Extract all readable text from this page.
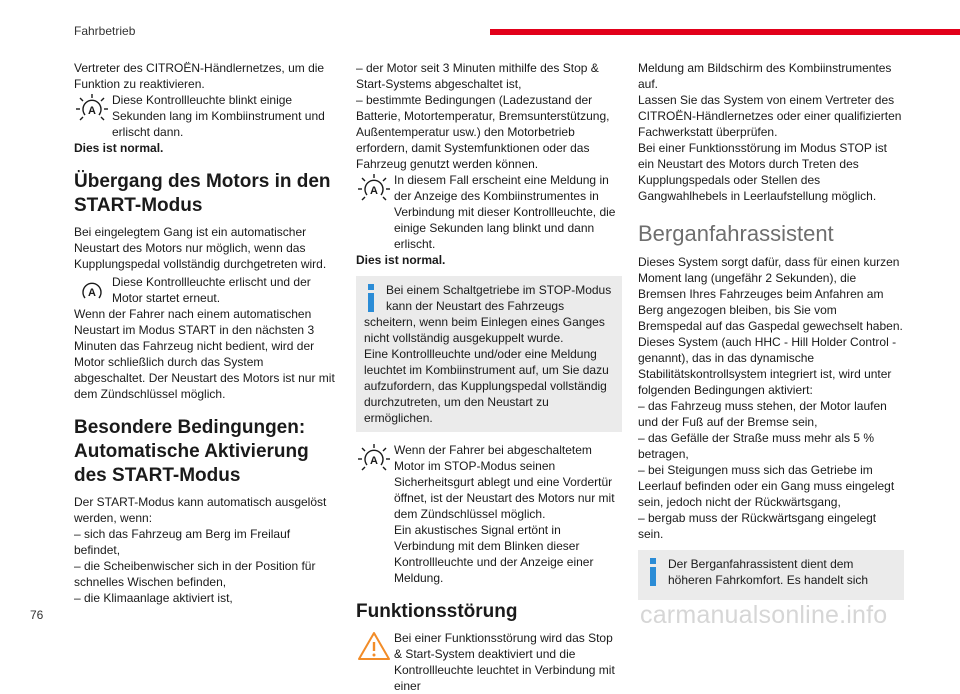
Fahrbetrieb

Vertreter des CITROËN-Händlernetzes, um die Funktion zu reaktivieren.

A
Diese Kontrollleuchte blinkt einige Sekunden lang im Kombiinstrument und erlischt dann.

Dies ist normal.

Übergang des Motors in den START-Modus

Bei eingelegtem Gang ist ein automatischer Neustart des Motors nur möglich, wenn das Kupplungspedal vollständig durchgetreten wird.

A
Diese Kontrollleuchte erlischt und der Motor startet erneut.

Wenn der Fahrer nach einem automatischen Neustart im Modus START in den nächsten 3 Minuten das Fahrzeug nicht bedient, wird der Motor schließlich durch das System abgeschaltet. Der Neustart des Motors ist nur mit dem Zündschlüssel möglich.

Besondere Bedingungen: Automatische Aktivierung des START-Modus

Der START-Modus kann automatisch ausgelöst werden, wenn:

– sich das Fahrzeug am Berg im Freilauf befindet,

– die Scheibenwischer sich in der Position für schnelles Wischen befinden,

– die Klimaanlage aktiviert ist,

– der Motor seit 3 Minuten mithilfe des Stop & Start-Systems abgeschaltet ist,

– bestimmte Bedingungen (Ladezustand der Batterie, Motortemperatur, Bremsunterstützung, Außentemperatur usw.) den Motorbetrieb erfordern, damit Systemfunktionen oder das Fahrzeug genutzt werden können.

A
In diesem Fall erscheint eine Meldung in der Anzeige des Kombiinstrumentes in Verbindung mit dieser Kontrollleuchte, die einige Sekunden lang blinkt und dann erlischt.

Dies ist normal.

Bei einem Schaltgetriebe im STOP-Modus kann der Neustart des Fahrzeugs scheitern, wenn beim Einlegen eines Ganges nicht vollständig ausgekuppelt wurde.
Eine Kontrollleuchte und/oder eine Meldung leuchtet im Kombiinstrument auf, um Sie dazu aufzufordern, das Kupplungspedal vollständig durchzutreten, um den Neustart zu ermöglichen.
A
Wenn der Fahrer bei abgeschaltetem Motor im STOP-Modus seinen Sicherheitsgurt ablegt und eine Vordertür öffnet, ist der Neustart des Motors nur mit dem Zündschlüssel möglich.
Ein akustisches Signal ertönt in Verbindung mit dem Blinken dieser Kontrollleuchte und der Anzeige einer Meldung.
Funktionsstörung
Bei einer Funktionsstörung wird das Stop & Start-System deaktiviert und die Kontrollleuchte leuchtet in Verbindung mit einer

Meldung am Bildschirm des Kombiinstrumentes auf.
Lassen Sie das System von einem Vertreter des CITROËN-Händlernetzes oder einer qualifizierten Fachwerkstatt überprüfen.
Bei einer Funktionsstörung im Modus STOP ist ein Neustart des Motors durch Treten des Kupplungspedals oder Stellen des Gangwahlhebels in Leerlaufstellung möglich.

Berganfahrassistent

Dieses System sorgt dafür, dass für einen kurzen Moment lang (ungefähr 2 Sekunden), die Bremsen Ihres Fahrzeuges beim Anfahren am Berg angezogen bleiben, bis Sie vom Bremspedal auf das Gaspedal gewechselt haben.
Dieses System (auch HHC - Hill Holder Control - genannt), das in das dynamische Stabilitätskontrollsystem integriert ist, wird unter folgenden Bedingungen aktiviert:

– das Fahrzeug muss stehen, der Motor laufen und der Fuß auf der Bremse sein,

– das Gefälle der Straße muss mehr als 5 % betragen,

– bei Steigungen muss sich das Getriebe im Leerlauf befinden oder ein Gang muss eingelegt sein, jedoch nicht der Rückwärtsgang,

– bergab muss der Rückwärtsgang eingelegt sein.

Der Berganfahrassistent dient dem höheren Fahrkomfort. Es handelt sich
76	carmanualsonline.info
